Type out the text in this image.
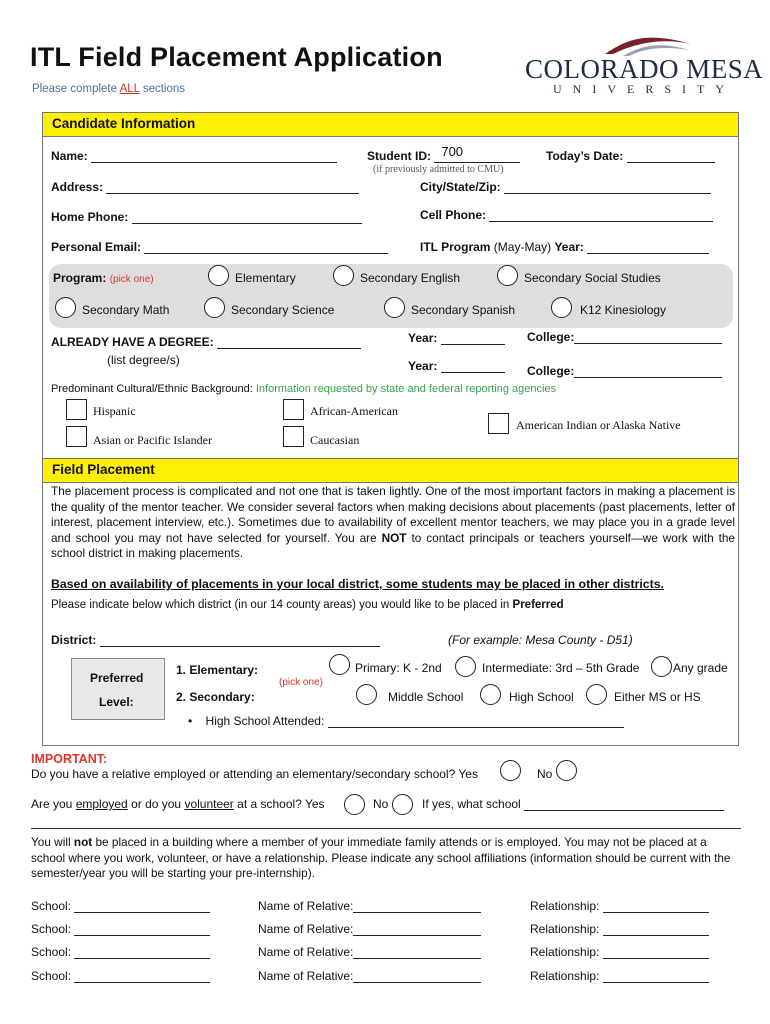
ITL Field Placement Application
Please complete ALL sections
COLORADO MESA
UNIVERSITY
Candidate Information
Name:	Student ID: 700
(if previously admitted to CMU)
Today’s Date:
Address:	City/State/Zip:
Home Phone:	Cell Phone:
Personal Email:	ITL Program (May-May) Year:
Program: (pick one)	Elementary	Secondary English	Secondary Social Studies
Secondary Math	Secondary Science	Secondary Spanish	K12 Kinesiology
ALREADY HAVE A DEGREE:
(list degree/s)
Year:	College:
Year:	College:
Predominant Cultural/Ethnic Background: Information requested by state and federal reporting agencies
Hispanic	African-American
American Indian or Alaska Native
Asian or Pacific Islander	Caucasian
Field Placement
The placement process is complicated and not one that is taken lightly. One of the most important factors in making a placement is the quality of the mentor teacher. We consider several factors when making decisions about placements (past placements, letter of interest, placement interview, etc.). Sometimes due to availability of excellent mentor teachers, we may place you in a grade level and school you may not have selected for yourself. You are NOT to contact principals or teachers yourself—we work with the school district in making placements.
Based on availability of placements in your local district, some students may be placed in other districts.
Please indicate below which district (in our 14 county areas) you would like to be placed in Preferred
District:	(For example: Mesa County - D51)
Preferred
Level:
1. Elementary:
(pick one)
2. Secondary:
Primary: K - 2nd	Intermediate: 3rd – 5th Grade	Any grade
Middle School	High School	Either MS or HS
• High School Attended:
IMPORTANT:
Do you have a relative employed or attending an elementary/secondary school? Yes	No
Are you employed or do you volunteer at a school? Yes	No	If yes, what school
You will not be placed in a building where a member of your immediate family attends or is employed. You may not be placed at a school where you work, volunteer, or have a relationship. Please indicate any school affiliations (information should be current with the semester/year you will be starting your pre-internship).
School:	Name of Relative:	Relationship:
School:	Name of Relative:	Relationship:
School:	Name of Relative:	Relationship:
School:	Name of Relative:	Relationship:
